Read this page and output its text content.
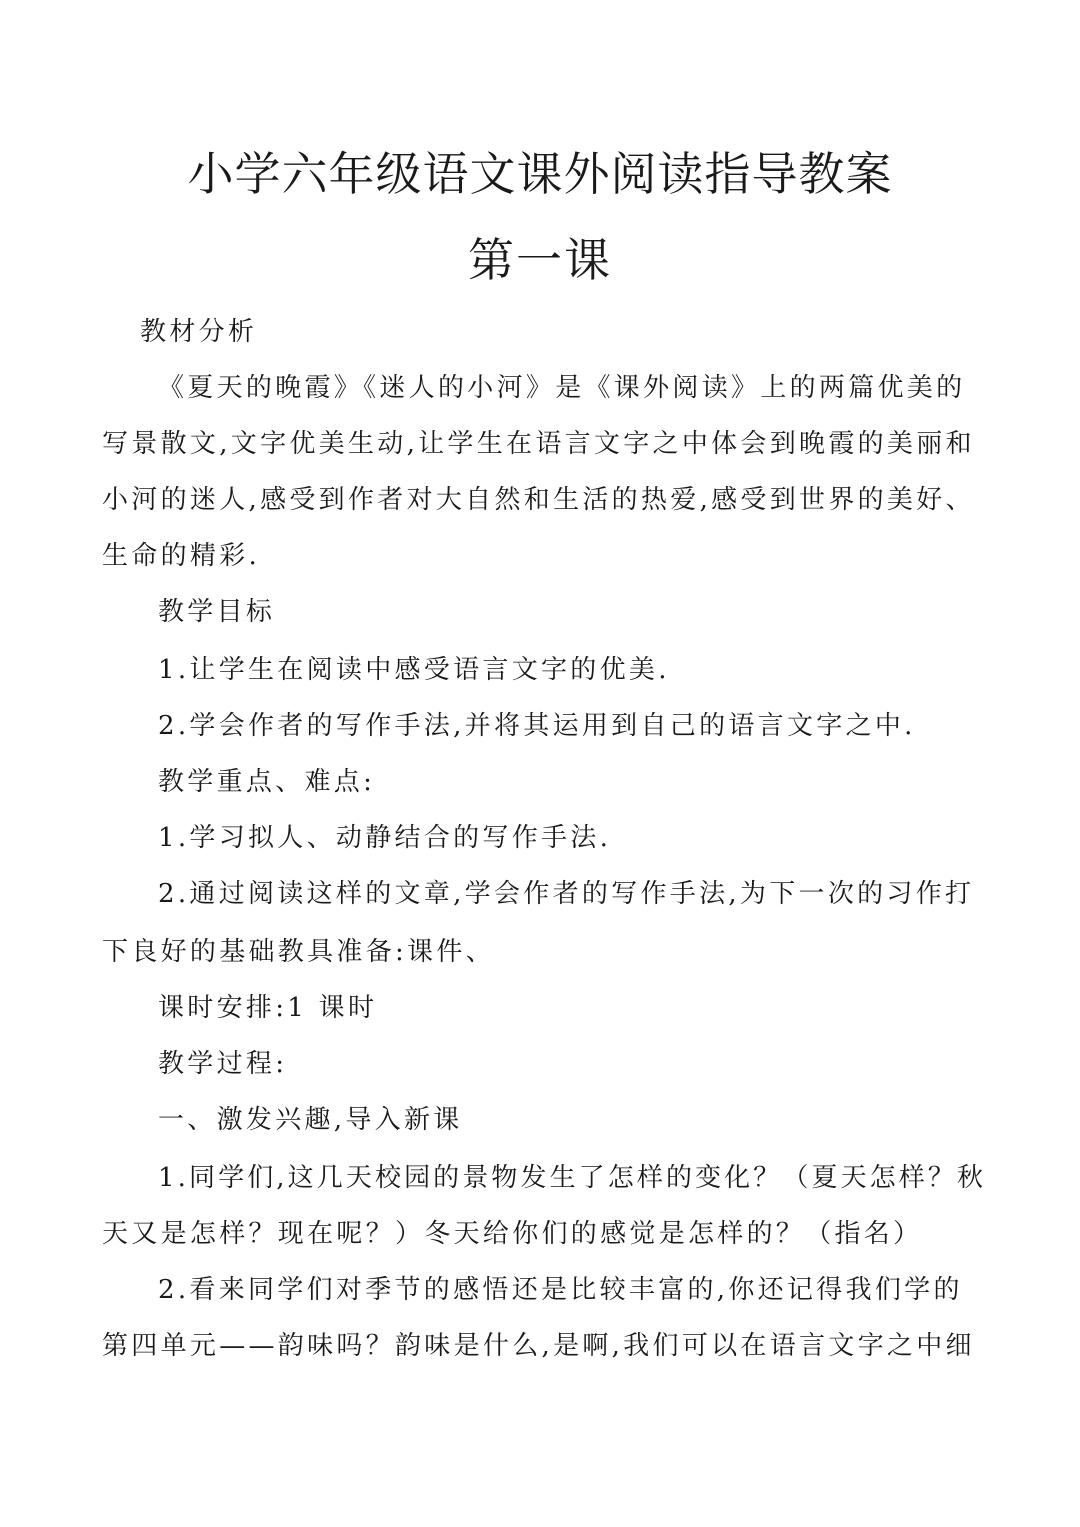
小学六年级语文课外阅读指导教案
第一课

教材分析

《夏天的晚霞》《迷人的小河》是《课外阅读》上的两篇优美的

写景散文,文字优美生动,让学生在语言文字之中体会到晚霞的美丽和

小河的迷人,感受到作者对大自然和生活的热爱,感受到世界的美好、

生命的精彩.

教学目标

1.让学生在阅读中感受语言文字的优美.

2.学会作者的写作手法,并将其运用到自己的语言文字之中.

教学重点、难点:

1.学习拟人、动静结合的写作手法.

2.通过阅读这样的文章,学会作者的写作手法,为下一次的习作打

下良好的基础教具准备:课件、

课时安排:1 课时

教学过程:

一、激发兴趣,导入新课

1.同学们,这几天校园的景物发生了怎样的变化？（夏天怎样？秋

天又是怎样？现在呢？）冬天给你们的感觉是怎样的？（指名）

2.看来同学们对季节的感悟还是比较丰富的,你还记得我们学的

第四单元——韵味吗？韵味是什么,是啊,我们可以在语言文字之中细
